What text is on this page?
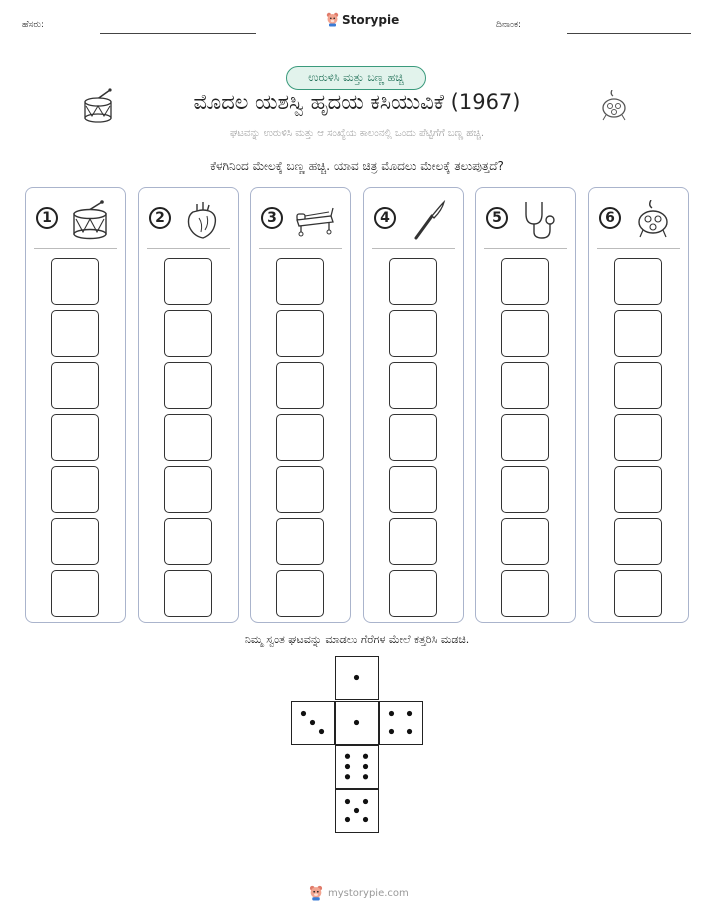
ಹೆಸರು:	Storypie	ದಿನಾಂಕ:
ಉರುಳಿಸಿ ಮತ್ತು ಬಣ್ಣ ಹಚ್ಚಿ
ಮೊದಲ ಯಶಸ್ವಿ ಹೃದಯ ಕಸಿಯುವಿಕೆ (1967)
ಘಟವನ್ನು ಉರುಳಿಸಿ ಮತ್ತು ಆ ಸಂಖ್ಯೆಯ ಕಾಲಂನಲ್ಲಿ ಒಂದು ಪೆಟ್ಟಿಗೆಗೆ ಬಣ್ಣ ಹಚ್ಚಿ.
ಕೆಳಗಿನಿಂದ ಮೇಲಕ್ಕೆ ಬಣ್ಣ ಹಚ್ಚಿ. ಯಾವ ಚಿತ್ರ ಮೊದಲು ಮೇಲಕ್ಕೆ ತಲುಪುತ್ತದೆ?
1	2	3	4	5	6
ನಿಮ್ಮ ಸ್ವಂತ ಘಟವನ್ನು ಮಾಡಲು ಗೆರೆಗಳ ಮೇಲೆ ಕತ್ತರಿಸಿ ಮಡಚಿ.
mystorypie.com
